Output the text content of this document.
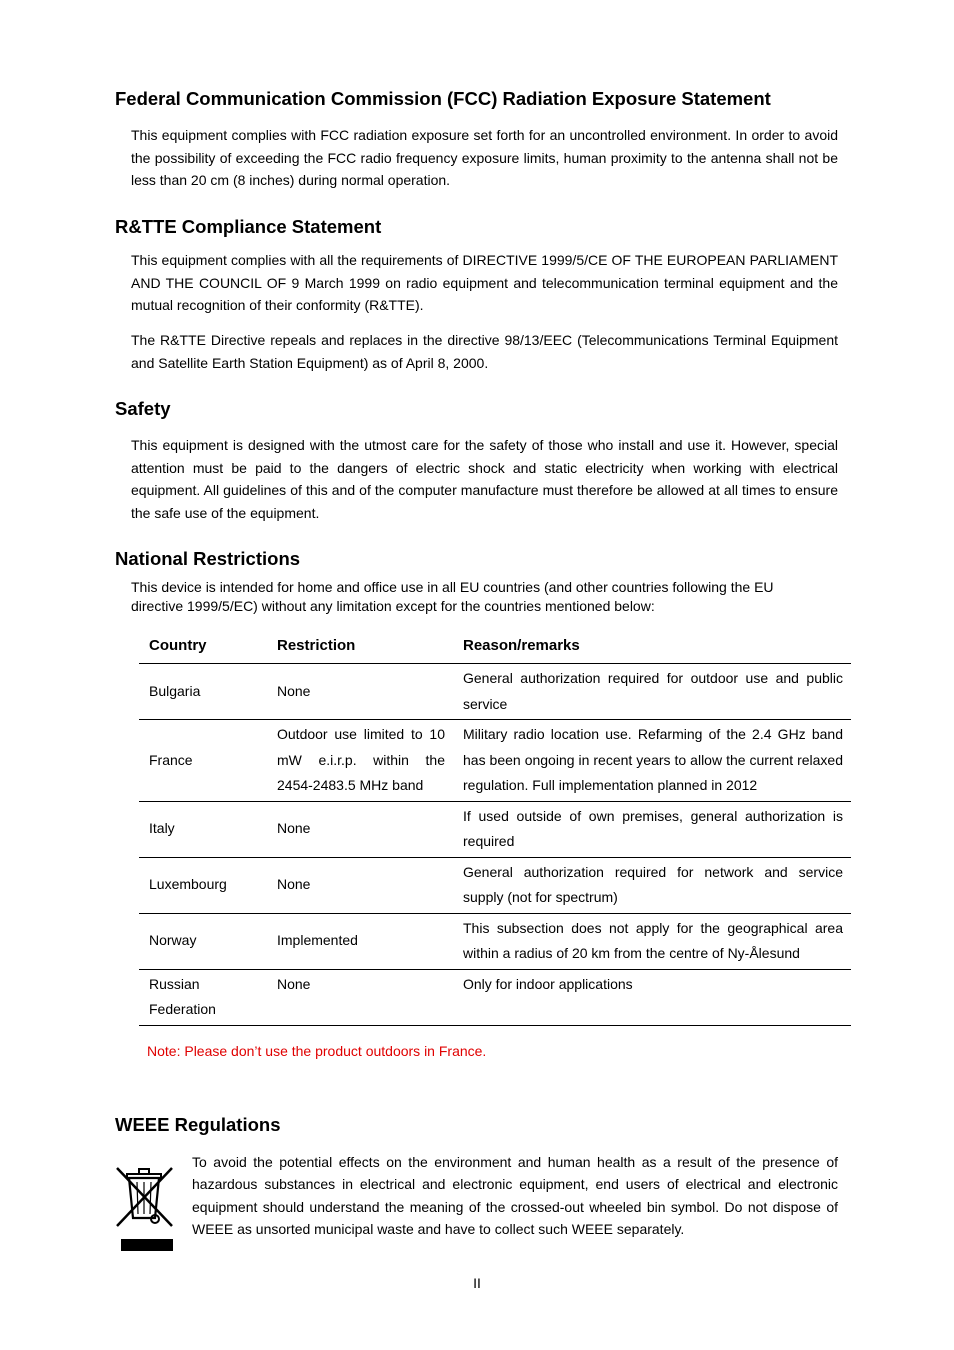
Federal Communication Commission (FCC) Radiation Exposure Statement

This equipment complies with FCC radiation exposure set forth for an uncontrolled environment. In order to avoid the possibility of exceeding the FCC radio frequency exposure limits, human proximity to the antenna shall not be less than 20 cm (8 inches) during normal operation.

R&TTE Compliance Statement

This equipment complies with all the requirements of DIRECTIVE 1999/5/CE OF THE EUROPEAN PARLIAMENT AND THE COUNCIL OF 9 March 1999 on radio equipment and telecommunication terminal equipment and the mutual recognition of their conformity (R&TTE).

The R&TTE Directive repeals and replaces in the directive 98/13/EEC (Telecommunications Terminal Equipment and Satellite Earth Station Equipment) as of April 8, 2000.

Safety

This equipment is designed with the utmost care for the safety of those who install and use it. However, special attention must be paid to the dangers of electric shock and static electricity when working with electrical equipment. All guidelines of this and of the computer manufacture must therefore be allowed at all times to ensure the safe use of the equipment.

National Restrictions

This device is intended for home and office use in all EU countries (and other countries following the EU directive 1999/5/EC) without any limitation except for the countries mentioned below:

Country	Restriction	Reason/remarks
Bulgaria	None	General authorization required for outdoor use and public service
France	Outdoor use limited to 10 mW e.i.r.p. within the 2454-2483.5 MHz band	Military radio location use. Refarming of the 2.4 GHz band has been ongoing in recent years to allow the current relaxed regulation. Full implementation planned in 2012
Italy	None	If used outside of own premises, general authorization is required
Luxembourg	None	General authorization required for network and service supply (not for spectrum)
Norway	Implemented	This subsection does not apply for the geographical area within a radius of 20 km from the centre of Ny-Ålesund
Russian Federation	None	Only for indoor applications
Note: Please don’t use the product outdoors in France.
WEEE Regulations

To avoid the potential effects on the environment and human health as a result of the presence of hazardous substances in electrical and electronic equipment, end users of electrical and electronic equipment should understand the meaning of the crossed-out wheeled bin symbol. Do not dispose of WEEE as unsorted municipal waste and have to collect such WEEE separately.

II
